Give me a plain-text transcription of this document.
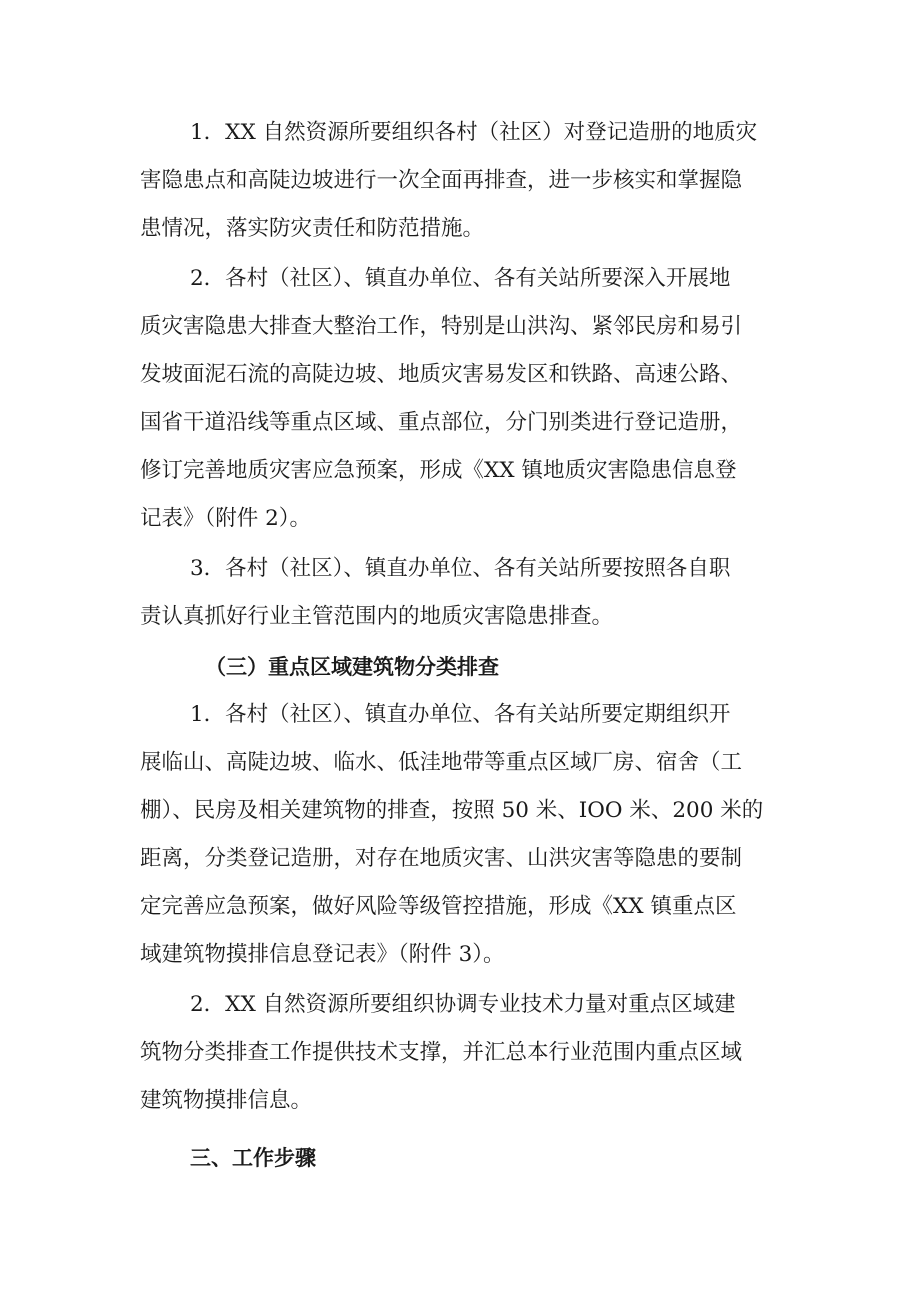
1．XX 自然资源所要组织各村（社区）对登记造册的地质灾
害隐患点和高陡边坡进行一次全面再排查，进一步核实和掌握隐
患情况，落实防灾责任和防范措施。
2．各村（社区）、镇直办单位、各有关站所要深入开展地
质灾害隐患大排查大整治工作，特别是山洪沟、紧邻民房和易引
发坡面泥石流的高陡边坡、地质灾害易发区和铁路、高速公路、
国省干道沿线等重点区域、重点部位，分门别类进行登记造册，
修订完善地质灾害应急预案，形成《XX 镇地质灾害隐患信息登
记表》（附件 2）。
3．各村（社区）、镇直办单位、各有关站所要按照各自职
责认真抓好行业主管范围内的地质灾害隐患排查。
（三）重点区域建筑物分类排查
1．各村（社区）、镇直办单位、各有关站所要定期组织开
展临山、高陡边坡、临水、低洼地带等重点区域厂房、宿舍（工
棚）、民房及相关建筑物的排查，按照 50 米、IOO 米、200 米的
距离，分类登记造册，对存在地质灾害、山洪灾害等隐患的要制
定完善应急预案，做好风险等级管控措施，形成《XX 镇重点区
域建筑物摸排信息登记表》（附件 3）。
2．XX 自然资源所要组织协调专业技术力量对重点区域建
筑物分类排查工作提供技术支撑，并汇总本行业范围内重点区域
建筑物摸排信息。
三、工作步骤
